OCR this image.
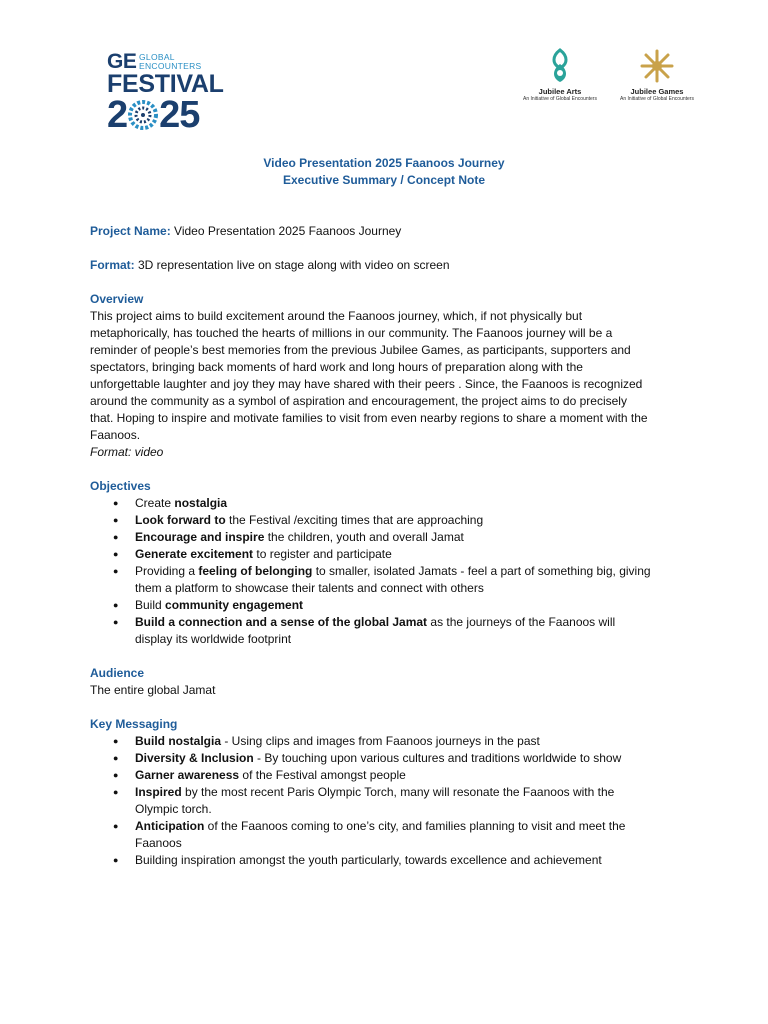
GE GLOBAL
ENCOUNTERS
FESTIVAL
2 25
Jubilee Arts
An Initiative of Global Encounters
Jubilee Games
An Initiative of Global Encounters
Video Presentation 2025 Faanoos Journey
Executive Summary / Concept Note

Project Name: Video Presentation 2025 Faanoos Journey

Format: 3D representation live on stage along with video on screen

Overview

This project aims to build excitement around the Faanoos journey, which, if not physically but
metaphorically, has touched the hearts of millions in our community. The Faanoos journey will be a
reminder of people’s best memories from the previous Jubilee Games, as participants, supporters and
spectators, bringing back moments of hard work and long hours of preparation along with the
unforgettable laughter and joy they may have shared with their peers . Since, the Faanoos is recognized
around the community as a symbol of aspiration and encouragement, the project aims to do precisely
that. Hoping to inspire and motivate families to visit from even nearby regions to share a moment with the
Faanoos.

Format: video

Objectives

● Create nostalgia
● Look forward to the Festival /exciting times that are approaching
● Encourage and inspire the children, youth and overall Jamat
● Generate excitement to register and participate
● Providing a feeling of belonging to smaller, isolated Jamats - feel a part of something big, giving
them a platform to showcase their talents and connect with others
● Build community engagement
● Build a connection and a sense of the global Jamat as the journeys of the Faanoos will
display its worldwide footprint

Audience

The entire global Jamat

Key Messaging

● Build nostalgia - Using clips and images from Faanoos journeys in the past
● Diversity & Inclusion - By touching upon various cultures and traditions worldwide to show
● Garner awareness of the Festival amongst people
● Inspired by the most recent Paris Olympic Torch, many will resonate the Faanoos with the
Olympic torch.
● Anticipation of the Faanoos coming to one’s city, and families planning to visit and meet the
Faanoos
● Building inspiration amongst the youth particularly, towards excellence and achievement
